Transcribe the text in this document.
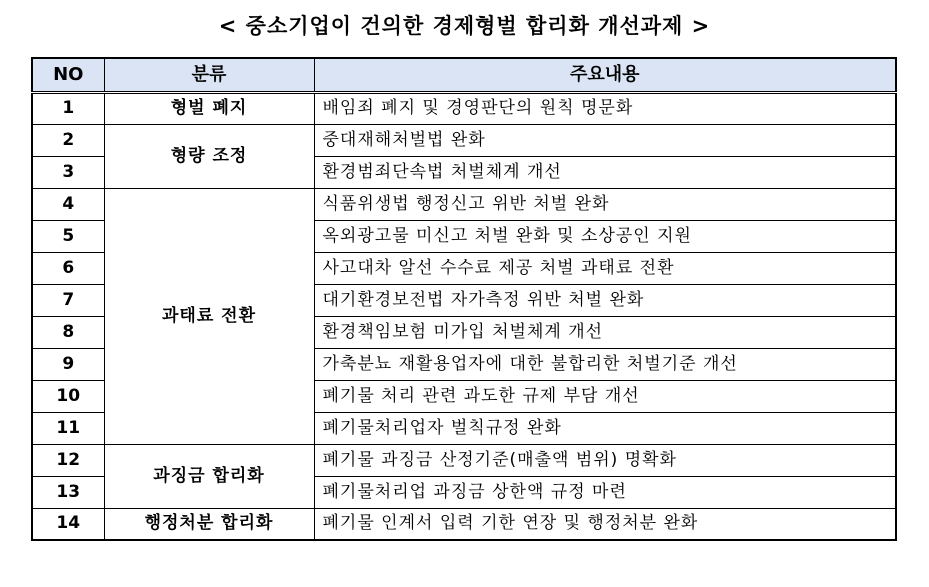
< 중소기업이 건의한 경제형벌 합리화 개선과제 >
NO	분류	주요내용
1	형벌 폐지	배임죄 폐지 및 경영판단의 원칙 명문화
2	형량 조정	중대재해처벌법 완화
3		환경범죄단속법 처벌체계 개선
4	과태료 전환	식품위생법 행정신고 위반 처벌 완화
5		옥외광고물 미신고 처벌 완화 및 소상공인 지원
6		사고대차 알선 수수료 제공 처벌 과태료 전환
7		대기환경보전법 자가측정 위반 처벌 완화
8		환경책임보험 미가입 처벌체계 개선
9		가축분뇨 재활용업자에 대한 불합리한 처벌기준 개선
10		폐기물 처리 관련 과도한 규제 부담 개선
11		폐기물처리업자 벌칙규정 완화
12	과징금 합리화	폐기물 과징금 산정기준(매출액 범위) 명확화
13		폐기물처리업 과징금 상한액 규정 마련
14	행정처분 합리화	폐기물 인계서 입력 기한 연장 및 행정처분 완화
